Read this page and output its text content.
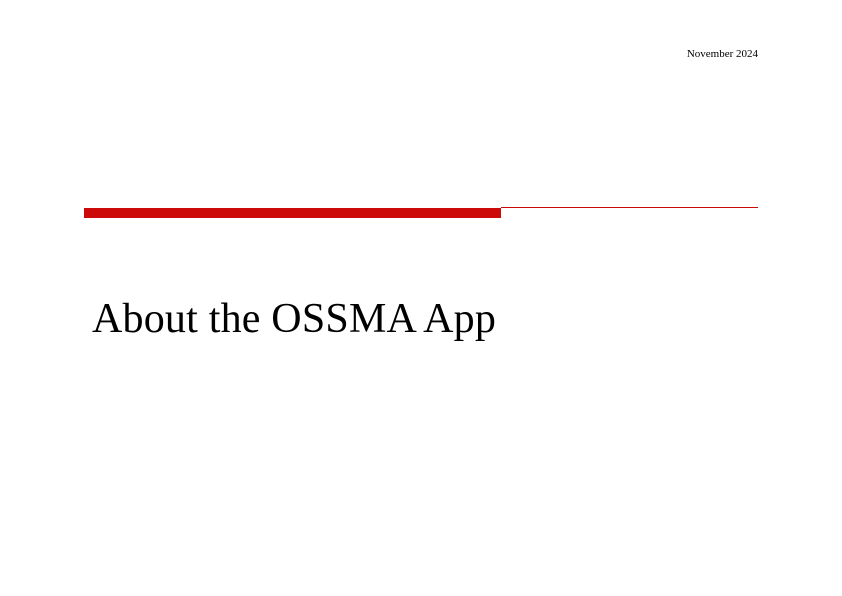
November 2024
About the OSSMA App
